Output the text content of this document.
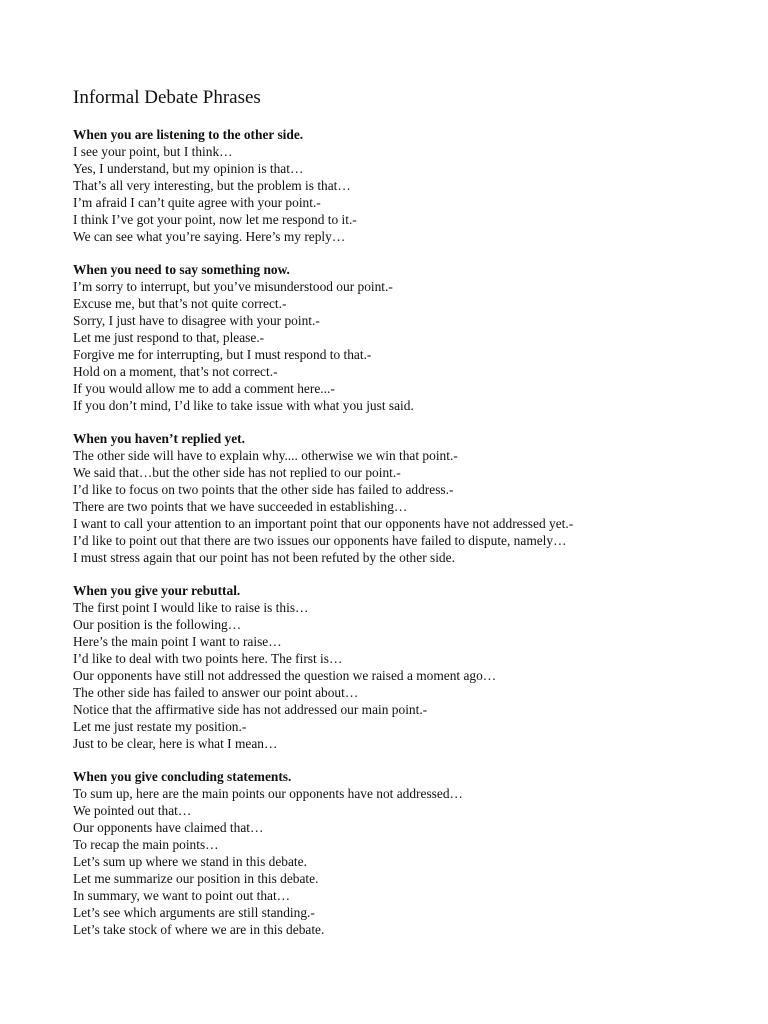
Informal Debate Phrases

When you are listening to the other side.

I see your point, but I think…
Yes, I understand, but my opinion is that…
That’s all very interesting, but the problem is that…
I’m afraid I can’t quite agree with your point.-
I think I’ve got your point, now let me respond to it.-
We can see what you’re saying. Here’s my reply…

When you need to say something now.

I’m sorry to interrupt, but you’ve misunderstood our point.-
Excuse me, but that’s not quite correct.-
Sorry, I just have to disagree with your point.-
Let me just respond to that, please.-
Forgive me for interrupting, but I must respond to that.-
Hold on a moment, that’s not correct.-
If you would allow me to add a comment here...-
If you don’t mind, I’d like to take issue with what you just said.

When you haven’t replied yet.

The other side will have to explain why.... otherwise we win that point.-
We said that…but the other side has not replied to our point.-
I’d like to focus on two points that the other side has failed to address.-
There are two points that we have succeeded in establishing…
I want to call your attention to an important point that our opponents have not addressed yet.-
I’d like to point out that there are two issues our opponents have failed to dispute, namely…
I must stress again that our point has not been refuted by the other side.

When you give your rebuttal.

The first point I would like to raise is this…
Our position is the following…
Here’s the main point I want to raise…
I’d like to deal with two points here. The first is…
Our opponents have still not addressed the question we raised a moment ago…
The other side has failed to answer our point about…
Notice that the affirmative side has not addressed our main point.-
Let me just restate my position.-
Just to be clear, here is what I mean…

When you give concluding statements.

To sum up, here are the main points our opponents have not addressed…
We pointed out that…
Our opponents have claimed that…
To recap the main points…
Let’s sum up where we stand in this debate.
Let me summarize our position in this debate.
In summary, we want to point out that…
Let’s see which arguments are still standing.-
Let’s take stock of where we are in this debate.
